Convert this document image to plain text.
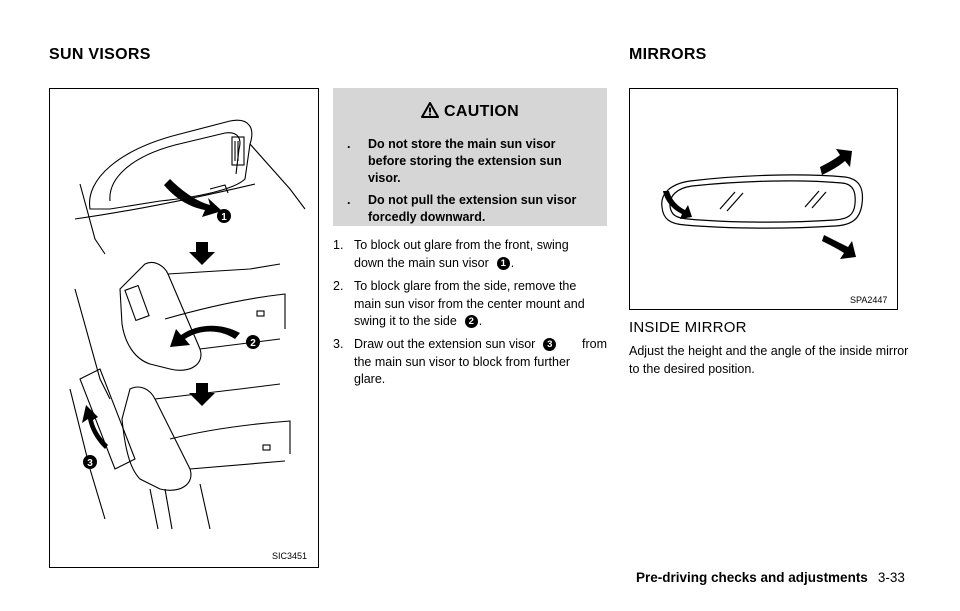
SUN VISORS	MIRRORS
1
2
3
SIC3451
CAUTION
. Do not store the main sun visor
before storing the extension sun
visor.
. Do not pull the extension sun visor
forcedly downward.
1. To block out glare from the front, swing
down the main sun visor 1 .
2. To block glare from the side, remove the
main sun visor from the center mount and
swing it to the side 2 .
3. Draw out the extension sun visor 3	from
the main sun visor to block from further
glare.
SPA2447
INSIDE MIRROR
Adjust the height and the angle of the inside mirror to the desired position.
Pre-driving checks and adjustments 3-33
